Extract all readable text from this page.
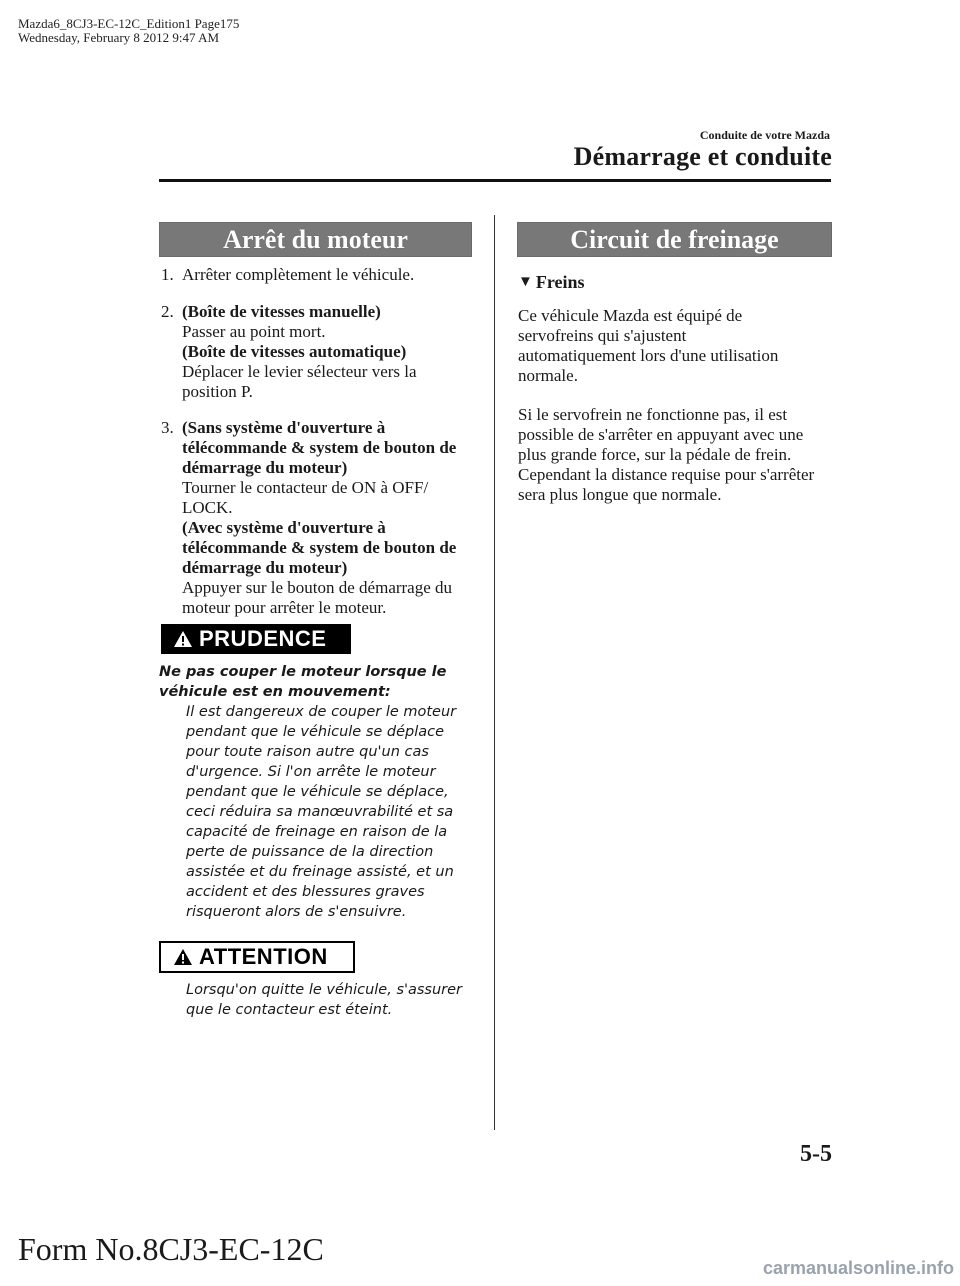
Mazda6_8CJ3-EC-12C_Edition1 Page175
Wednesday, February 8 2012 9:47 AM
Conduite de votre Mazda
Démarrage et conduite
Arrêt du moteur
1. Arrêter complètement le véhicule.

2. (Boîte de vitesses manuelle)

Passer au point mort.

(Boîte de vitesses automatique)

Déplacer le levier sélecteur vers la position P.

3. (Sans système d'ouverture à télécommande & system de bouton de démarrage du moteur)

Tourner le contacteur de ON à OFF/ LOCK.

(Avec système d'ouverture à télécommande & system de bouton de démarrage du moteur)

Appuyer sur le bouton de démarrage du moteur pour arrêter le moteur.

PRUDENCE
Ne pas couper le moteur lorsque le véhicule est en mouvement:
Il est dangereux de couper le moteur pendant que le véhicule se déplace pour toute raison autre qu'un cas d'urgence. Si l'on arrête le moteur pendant que le véhicule se déplace, ceci réduira sa manœuvrabilité et sa capacité de freinage en raison de la perte de puissance de la direction assistée et du freinage assisté, et un accident et des blessures graves risqueront alors de s'ensuivre.
ATTENTION
Lorsqu'on quitte le véhicule, s'assurer que le contacteur est éteint.
Circuit de freinage
▼ Freins
Ce véhicule Mazda est équipé de servofreins qui s'ajustent automatiquement lors d'une utilisation normale.
Si le servofrein ne fonctionne pas, il est possible de s'arrêter en appuyant avec une plus grande force, sur la pédale de frein. Cependant la distance requise pour s'arrêter sera plus longue que normale.
5-5
Form No.8CJ3-EC-12C
carmanualsonline.info
